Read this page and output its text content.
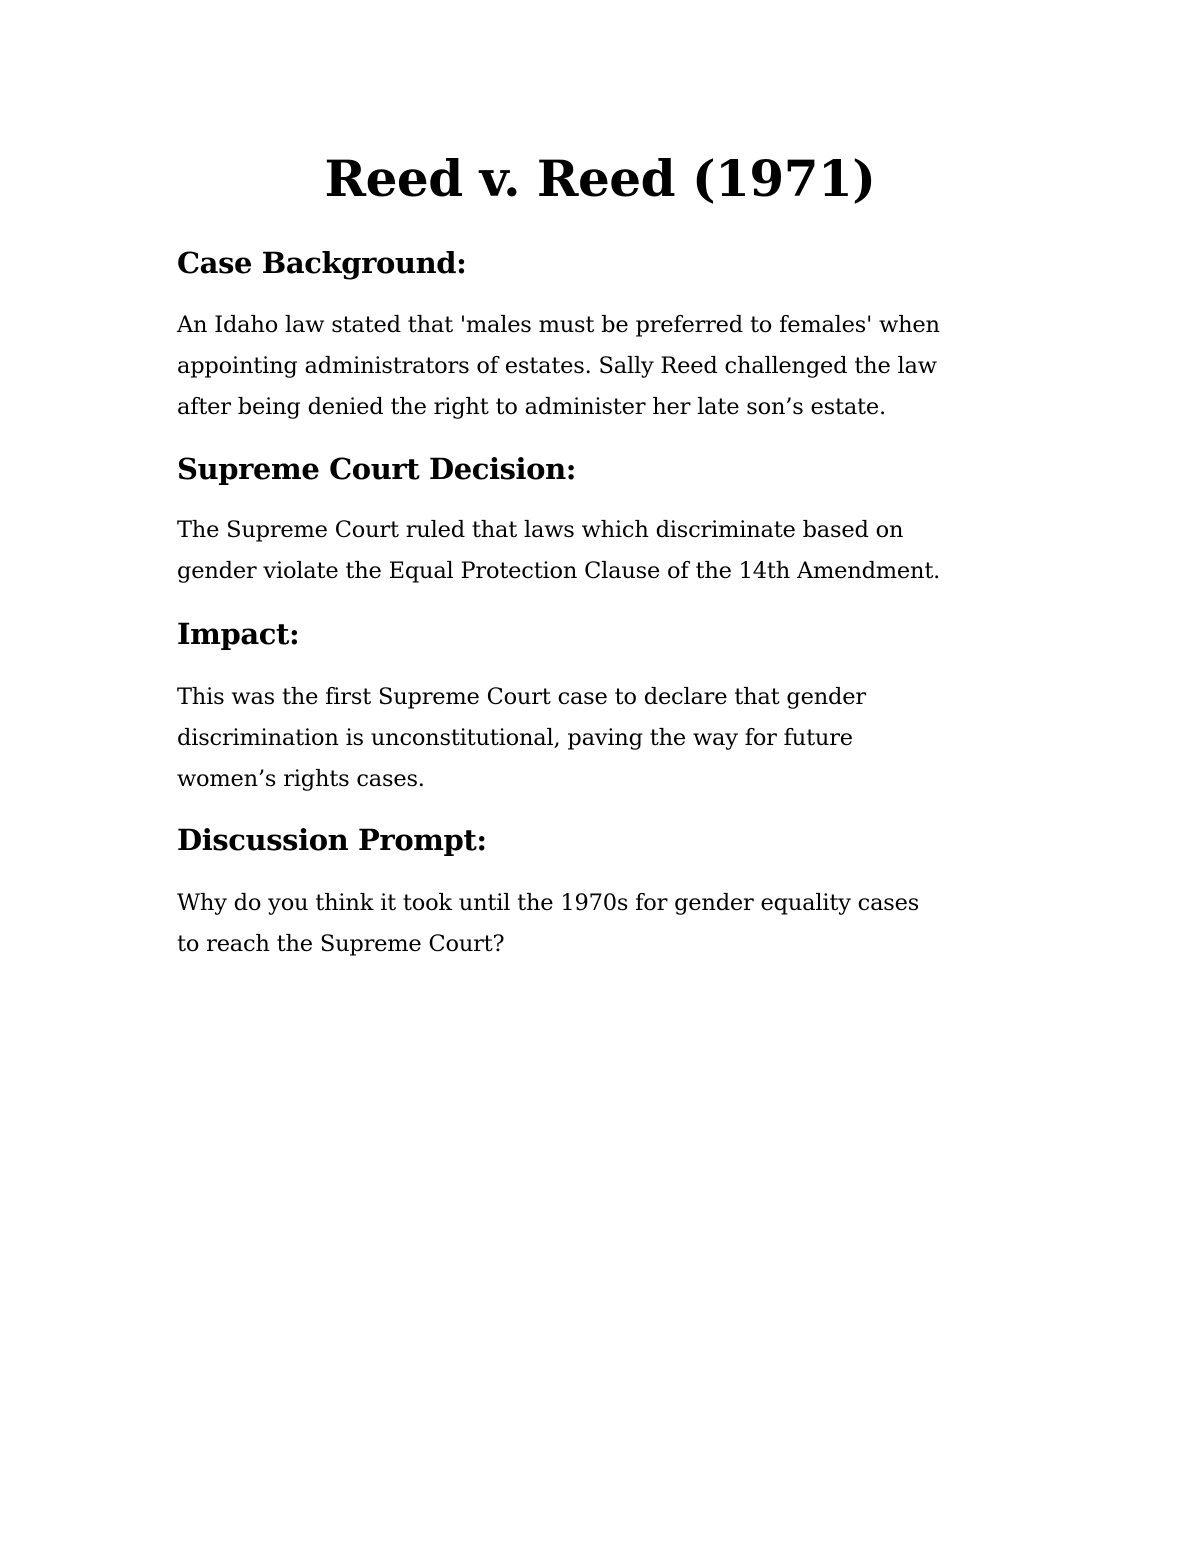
Reed v. Reed (1971)
Case Background:

An Idaho law stated that 'males must be preferred to females' when
appointing administrators of estates. Sally Reed challenged the law
after being denied the right to administer her late son’s estate.

Supreme Court Decision:

The Supreme Court ruled that laws which discriminate based on
gender violate the Equal Protection Clause of the 14th Amendment.

Impact:

This was the first Supreme Court case to declare that gender
discrimination is unconstitutional, paving the way for future
women’s rights cases.

Discussion Prompt:

Why do you think it took until the 1970s for gender equality cases
to reach the Supreme Court?
